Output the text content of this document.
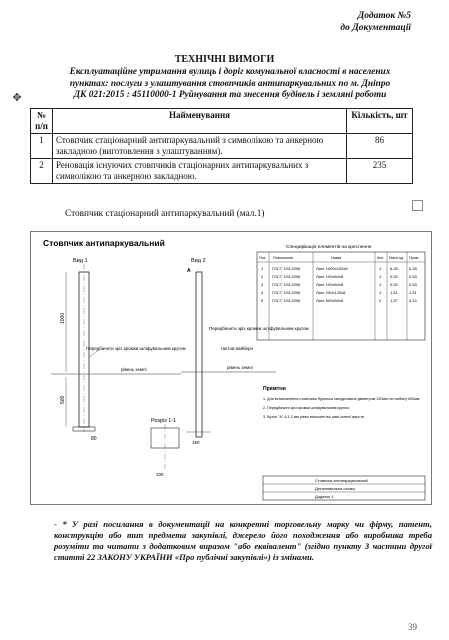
Додаток №5
до Документації
ТЕХНІЧНІ ВИМОГИ
Експлуатаційне утримання вулиць і доріг комунальної власності в населених
пунктах: послуги з улаштування стовпчиків антипаркувальних по м. Дніпро
ДК 021:2015 : 45110000-1 Руйнування та знесення будівель і земляні роботи
✥
№ п/п	Найменування	Кількість, шт
1	Стовпчик стаціонарний антипаркувальний з символікою та анкерною закладною (виготовлення з улаштуванням).	86
2	Реновація існуючих стовпчиків стаціонарних антипаркувальних з символікою та анкерною закладною.	235
Стовпчик стаціонарний антипаркувальний (мал.1)
Стовпчик антипаркувальний
Вид 1
1000
500
рівень землі
Передбачити зріз кромки шліфувальним кругом
80
Розріз 1-1
100
Вид 2
А
рівень землі
Передбачити зріз кромки шліфувальним кругом
гаптов.вайберн
150
Специфікація елементів на креслення
Поз. Позначення	Назва	Кол. Маса од. Прим.
1 ГОСТ 103-2006	Лист 1000х100х8	1 6,28	6,28
2 ГОСТ 103-2006	Лист 100х84х8	1 0,53	0,53
3 ГОСТ 103-2006	Лист 100х84х8	1 0,53	0,53
4 ГОСТ 103-2006	Лист 200х120х8	1 1,51	1,51
5 ГОСТ 103-2006	Лист 500х50х8	2 1,57	3,14
Примітки
1. Для встановлення стовпчика буриться свердловина діаметром 120мм на глибину 600мм.
2. Передбачити зріз кромки шліфувальним кругом.
3. Вузол "А" Δ 1-2 мм рівно виконати всі шви зонної жерсти
Стовпчик антипаркувальний
Деталювальна схема.
Додаток 1
- * У разі посилання в документації на конкретні торговельну марку чи фірму, патент, конструкцію або тип предмета закупівлі, джерело його походження або виробника треба розуміти та читати з додатковим виразом "або еквівалент" (згідно пункту 3 частини другої статті 22 ЗАКОНУ УКРАЇНИ «Про публічні закупівлі») із змінами.
39
